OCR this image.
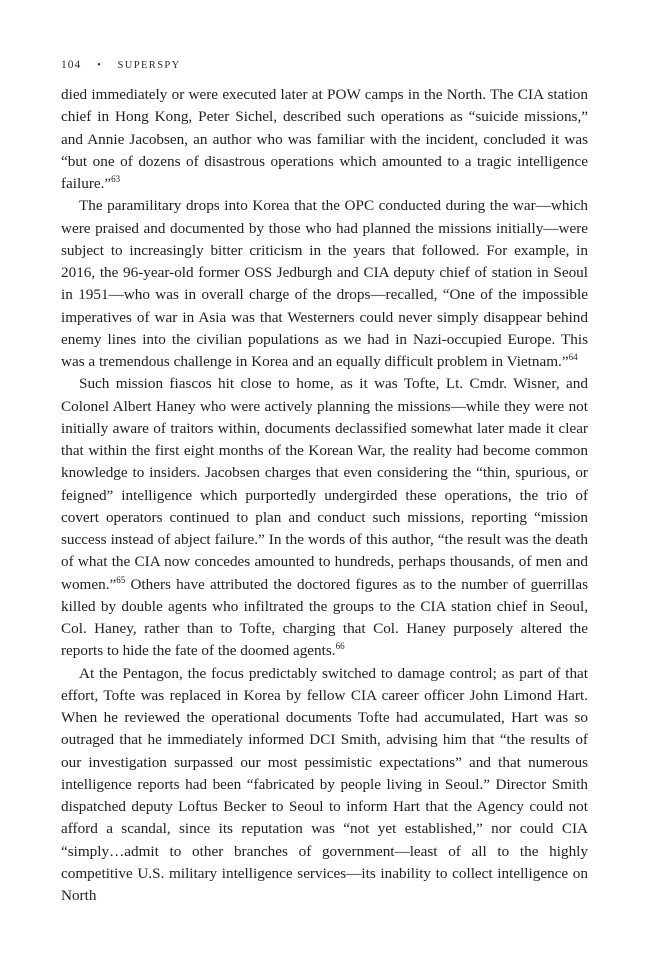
104 • SUPERSPY

died immediately or were executed later at POW camps in the North. The CIA station chief in Hong Kong, Peter Sichel, described such operations as “suicide missions,” and Annie Jacobsen, an author who was familiar with the incident, concluded it was “but one of dozens of disastrous operations which amounted to a tragic intelligence failure.”$^{63}$

The paramilitary drops into Korea that the OPC conducted during the war—which were praised and documented by those who had planned the missions initially—were subject to increasingly bitter criticism in the years that followed. For example, in 2016, the 96-year-old former OSS Jedburgh and CIA deputy chief of station in Seoul in 1951—who was in overall charge of the drops—recalled, “One of the impossible imperatives of war in Asia was that Westerners could never simply disappear behind enemy lines into the civilian populations as we had in Nazi-occupied Europe. This was a tremendous challenge in Korea and an equally difficult problem in Vietnam.”$^{64}$

Such mission fiascos hit close to home, as it was Tofte, Lt. Cmdr. Wisner, and Colonel Albert Haney who were actively planning the missions—while they were not initially aware of traitors within, documents declassified somewhat later made it clear that within the first eight months of the Korean War, the reality had become common knowledge to insiders. Jacobsen charges that even considering the “thin, spurious, or feigned” intelligence which purportedly undergirded these operations, the trio of covert operators continued to plan and conduct such missions, reporting “mission success instead of abject failure.” In the words of this author, “the result was the death of what the CIA now concedes amounted to hundreds, perhaps thousands, of men and women.”$^{65}$ Others have attributed the doctored figures as to the number of guerrillas killed by double agents who infiltrated the groups to the CIA station chief in Seoul, Col. Haney, rather than to Tofte, charging that Col. Haney purposely altered the reports to hide the fate of the doomed agents.$^{66}$

At the Pentagon, the focus predictably switched to damage control; as part of that effort, Tofte was replaced in Korea by fellow CIA career officer John Limond Hart. When he reviewed the operational documents Tofte had accumulated, Hart was so outraged that he immediately informed DCI Smith, advising him that “the results of our investigation surpassed our most pessimistic expectations” and that numerous intelligence reports had been “fabricated by people living in Seoul.” Director Smith dispatched deputy Loftus Becker to Seoul to inform Hart that the Agency could not afford a scandal, since its reputation was “not yet established,” nor could CIA “simply…admit to other branches of government—least of all to the highly competitive U.S. military intelligence services—its inability to collect intelligence on North
